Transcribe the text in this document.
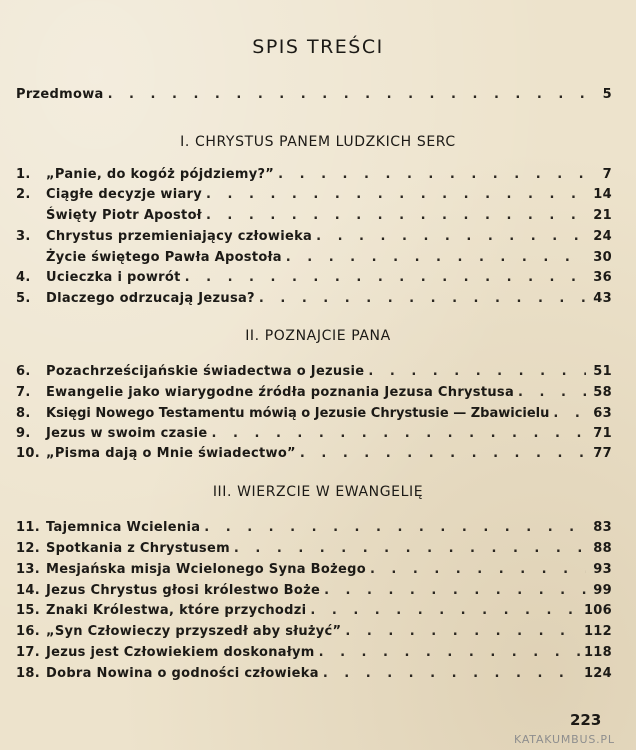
SPIS TREŚCI
Przedmowa . . .	5
I. CHRYSTUS PANEM LUDZKICH SERC
1.	„Panie, do kogóż pójdziemy?” . . .	7
2.	Ciągłe decyzje wiary . . .	14
Święty Piotr Apostoł . . .	21
3.	Chrystus przemieniający człowieka . . .	24
Życie świętego Pawła Apostoła . . .	30
4.	Ucieczka i powrót . . .	36
5.	Dlaczego odrzucają Jezusa? . . .	43
II. POZNAJCIE PANA
6.	Pozachrześcijańskie świadectwa o Jezusie . . .	51
7.	Ewangelie jako wiarygodne źródła poznania Jezusa Chrystusa . . .	58
8.	Księgi Nowego Testamentu mówią o Jezusie Chrystusie — Zbawicielu . . .	63
9.	Jezus w swoim czasie . . .	71
10. „Pisma dają o Mnie świadectwo” . . .	77
III. WIERZCIE W EWANGELIĘ
11. Tajemnica Wcielenia . . .	83
12. Spotkania z Chrystusem . . .	88
13. Mesjańska misja Wcielonego Syna Bożego . . .	93
14. Jezus Chrystus głosi królestwo Boże . . .	99
15. Znaki Królestwa, które przychodzi . . .	106
16. „Syn Człowieczy przyszedł aby służyć” . . .	112
17. Jezus jest Człowiekiem doskonałym . . .	118
18. Dobra Nowina o godności człowieka . . .	124
223
KATAKUMBUS.PL
